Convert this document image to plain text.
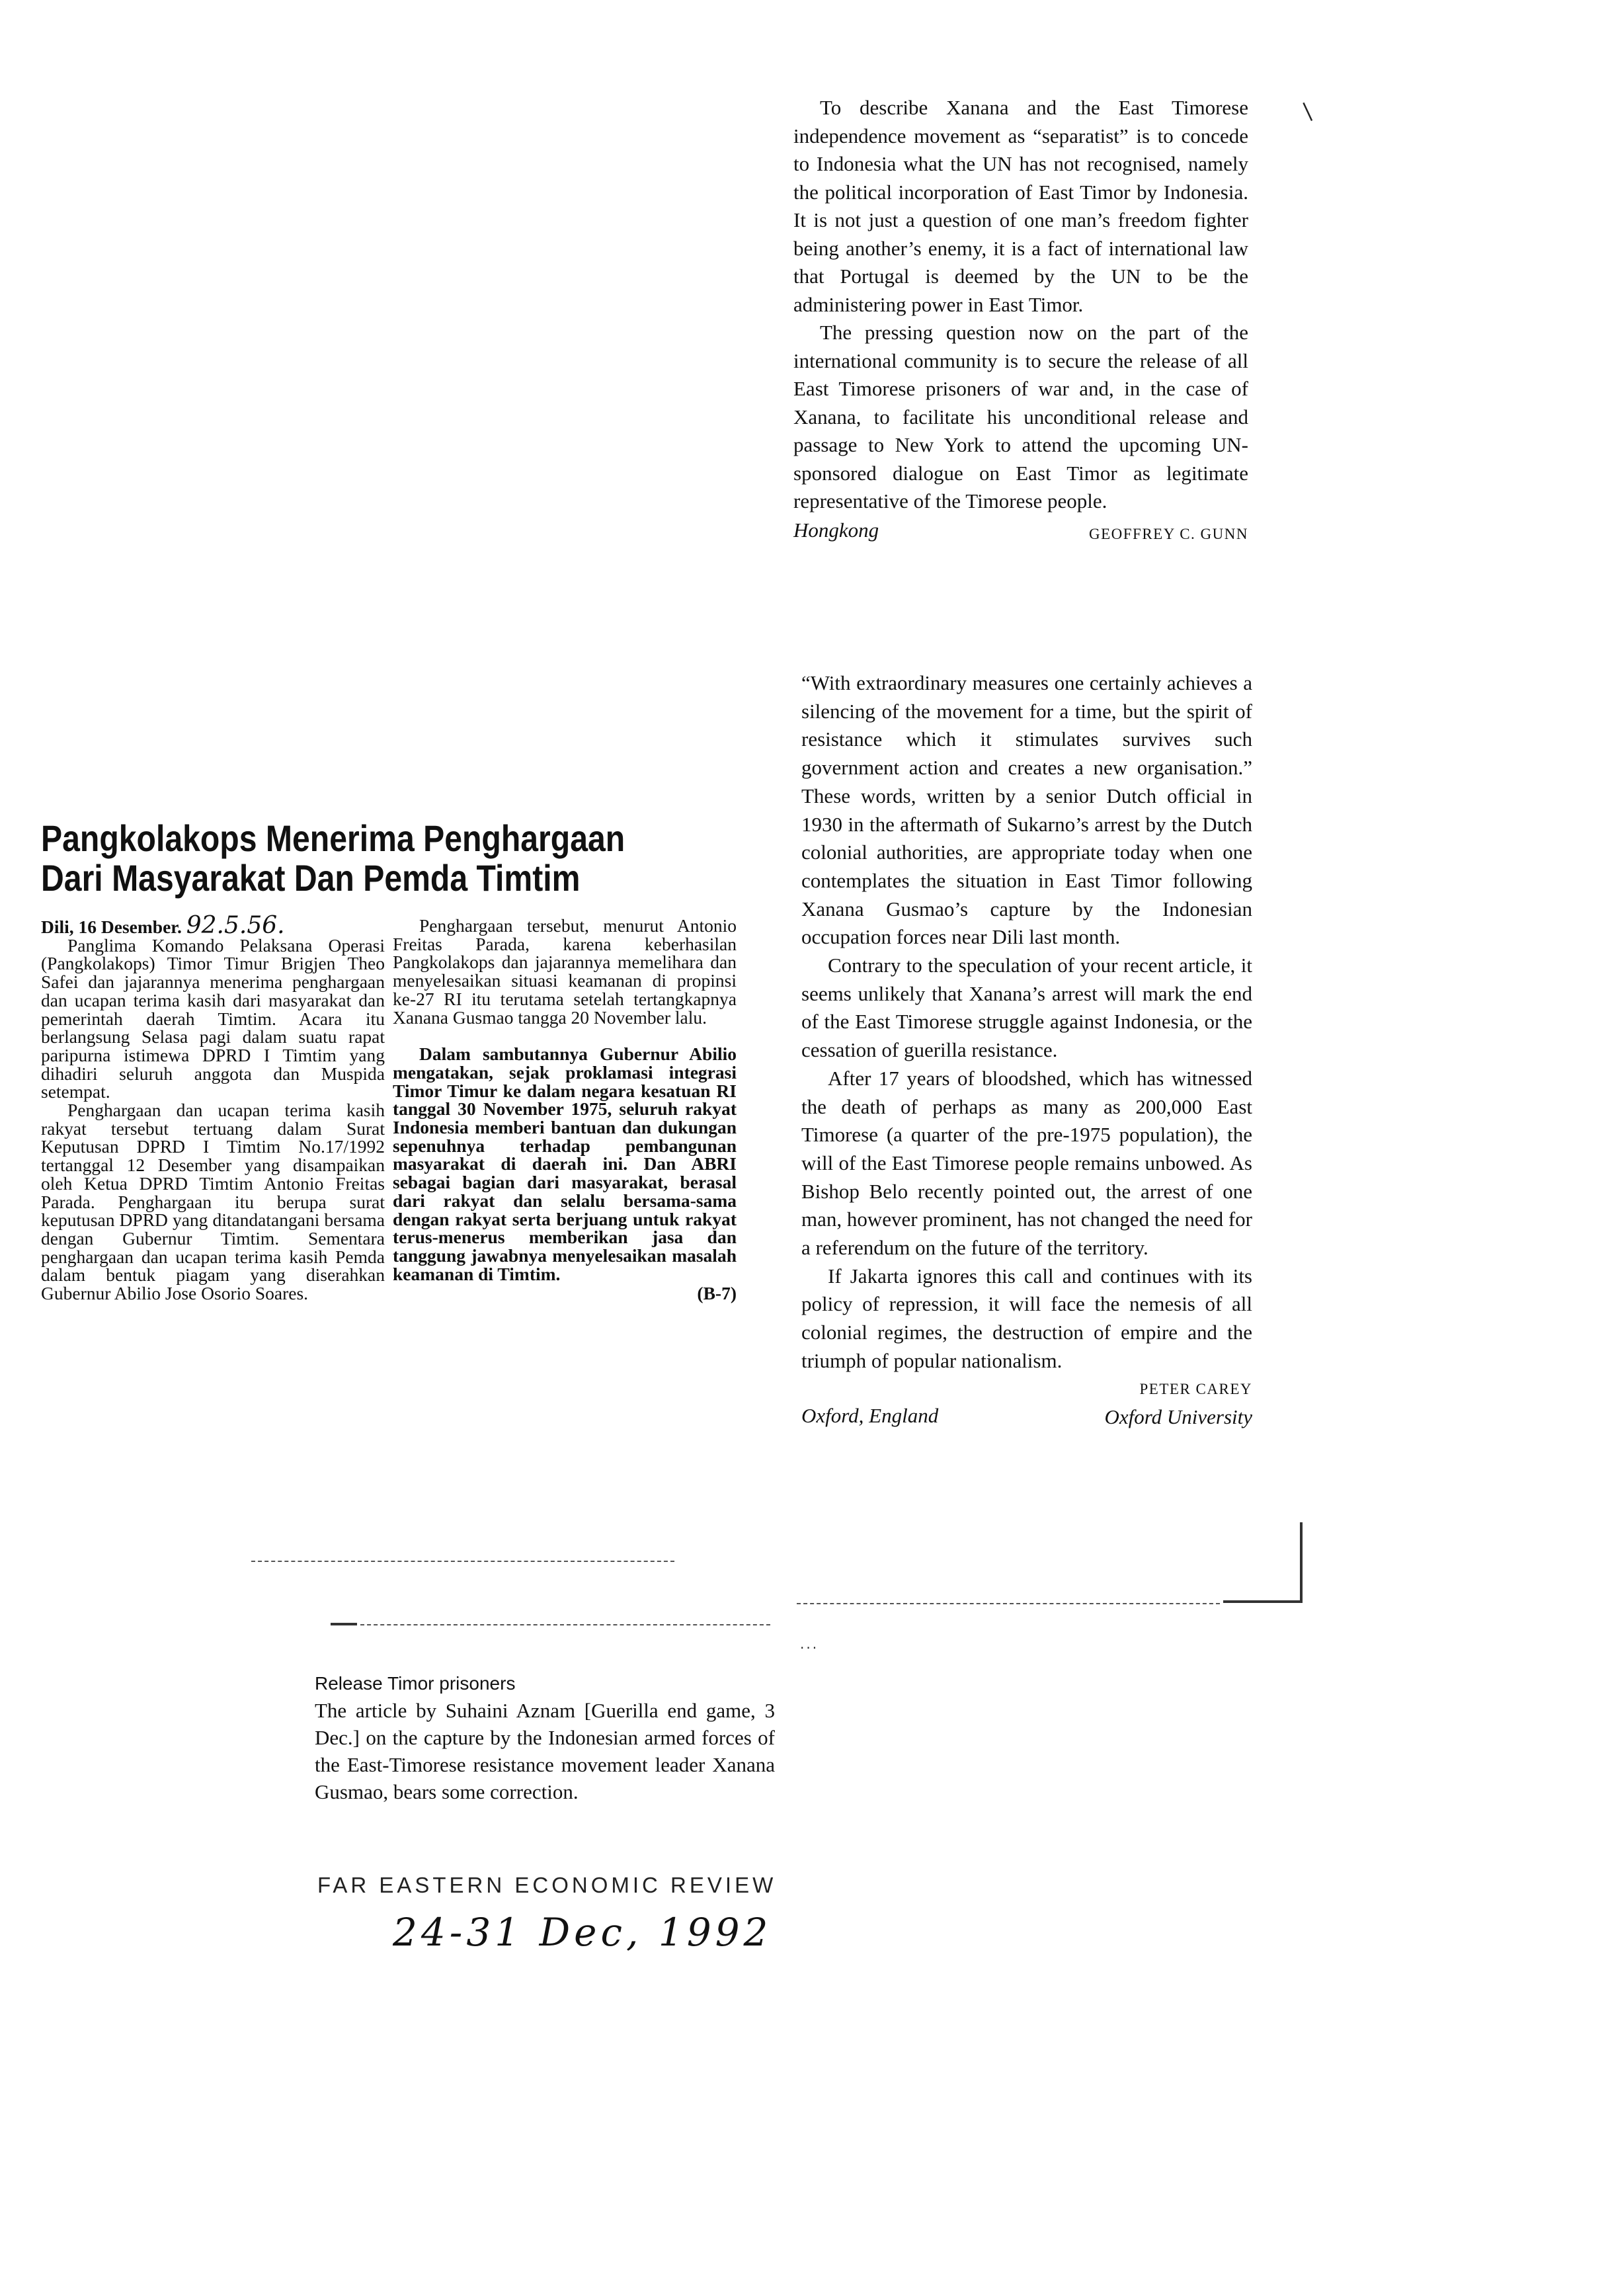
To describe Xanana and the East Timorese independence movement as “separatist” is to concede to Indonesia what the UN has not recognised, namely the political incorporation of East Timor by Indonesia. It is not just a question of one man’s freedom fighter being another’s enemy, it is a fact of international law that Portugal is deemed by the UN to be the administering power in East Timor.

The pressing question now on the part of the international community is to secure the release of all East Timorese prisoners of war and, in the case of Xanana, to facilitate his unconditional release and passage to New York to attend the upcoming UN-sponsored dialogue on East Timor as legitimate representative of the Timorese people.

Hongkong	GEOFFREY C. GUNN

“With extraordinary measures one certainly achieves a silencing of the movement for a time, but the spirit of resistance which it stimulates survives such government action and creates a new organisation.” These words, written by a senior Dutch official in 1930 in the aftermath of Sukarno’s arrest by the Dutch colonial authorities, are appropriate today when one contemplates the situation in East Timor following Xanana Gusmao’s capture by the Indonesian occupation forces near Dili last month.

Contrary to the speculation of your recent article, it seems unlikely that Xanana’s arrest will mark the end of the East Timorese struggle against Indonesia, or the cessation of guerilla resistance.

After 17 years of bloodshed, which has witnessed the death of perhaps as many as 200,000 East Timorese (a quarter of the pre-1975 population), the will of the East Timorese people remains unbowed. As Bishop Belo recently pointed out, the arrest of one man, however prominent, has not changed the need for a referendum on the future of the territory.

If Jakarta ignores this call and continues with its policy of repression, it will face the nemesis of all colonial regimes, the destruction of empire and the triumph of popular nationalism.

Oxford, England
PETER CAREY
Oxford University
Pangkolakops Menerima Penghargaan
Dari Masyarakat Dan Pemda Timtim
Dili, 16 Desember. 92.5.56.

Panglima Komando Pelaksana Operasi (Pangkolakops) Timor Timur Brigjen Theo Safei dan jajarannya menerima penghargaan dan ucapan terima kasih dari masyarakat dan pemerintah daerah Timtim. Acara itu berlangsung Selasa pagi dalam suatu rapat paripurna istimewa DPRD I Timtim yang dihadiri seluruh anggota dan Muspida setempat.

Penghargaan dan ucapan terima kasih rakyat tersebut tertuang dalam Surat Keputusan DPRD I Timtim No.17/1992 tertanggal 12 Desember yang disampaikan oleh Ketua DPRD Timtim Antonio Freitas Parada. Penghargaan itu berupa surat keputusan DPRD yang ditandatangani bersama dengan Gubernur Timtim. Sementara penghargaan dan ucapan terima kasih Pemda dalam bentuk piagam yang diserahkan Gubernur Abilio Jose Osorio Soares.

Penghargaan tersebut, menurut Antonio Freitas Parada, karena keberhasilan Pangkolakops dan jajarannya memelihara dan menyelesaikan situasi keamanan di propinsi ke-27 RI itu terutama setelah tertangkapnya Xanana Gusmao tangga 20 November lalu.

Dalam sambutannya Gubernur Abilio mengatakan, sejak proklamasi integrasi Timor Timur ke dalam negara kesatuan RI tanggal 30 November 1975, seluruh rakyat Indonesia memberi bantuan dan dukungan sepenuhnya terhadap pembangunan masyarakat di daerah ini. Dan ABRI sebagai bagian dari masyarakat, berasal dari rakyat dan selalu bersama-sama dengan rakyat serta berjuang untuk rakyat terus-menerus memberikan jasa dan tanggung jawabnya menyelesaikan masalah keamanan di Timtim.

(B-7)
Release Timor prisoners

The article by Suhaini Aznam [Guerilla end game, 3 Dec.] on the capture by the Indonesian armed forces of the East-Timorese resistance movement leader Xanana Gusmao, bears some correction.

FAR EASTERN ECONOMIC REVIEW
24-31 Dec, 1992
|
...
